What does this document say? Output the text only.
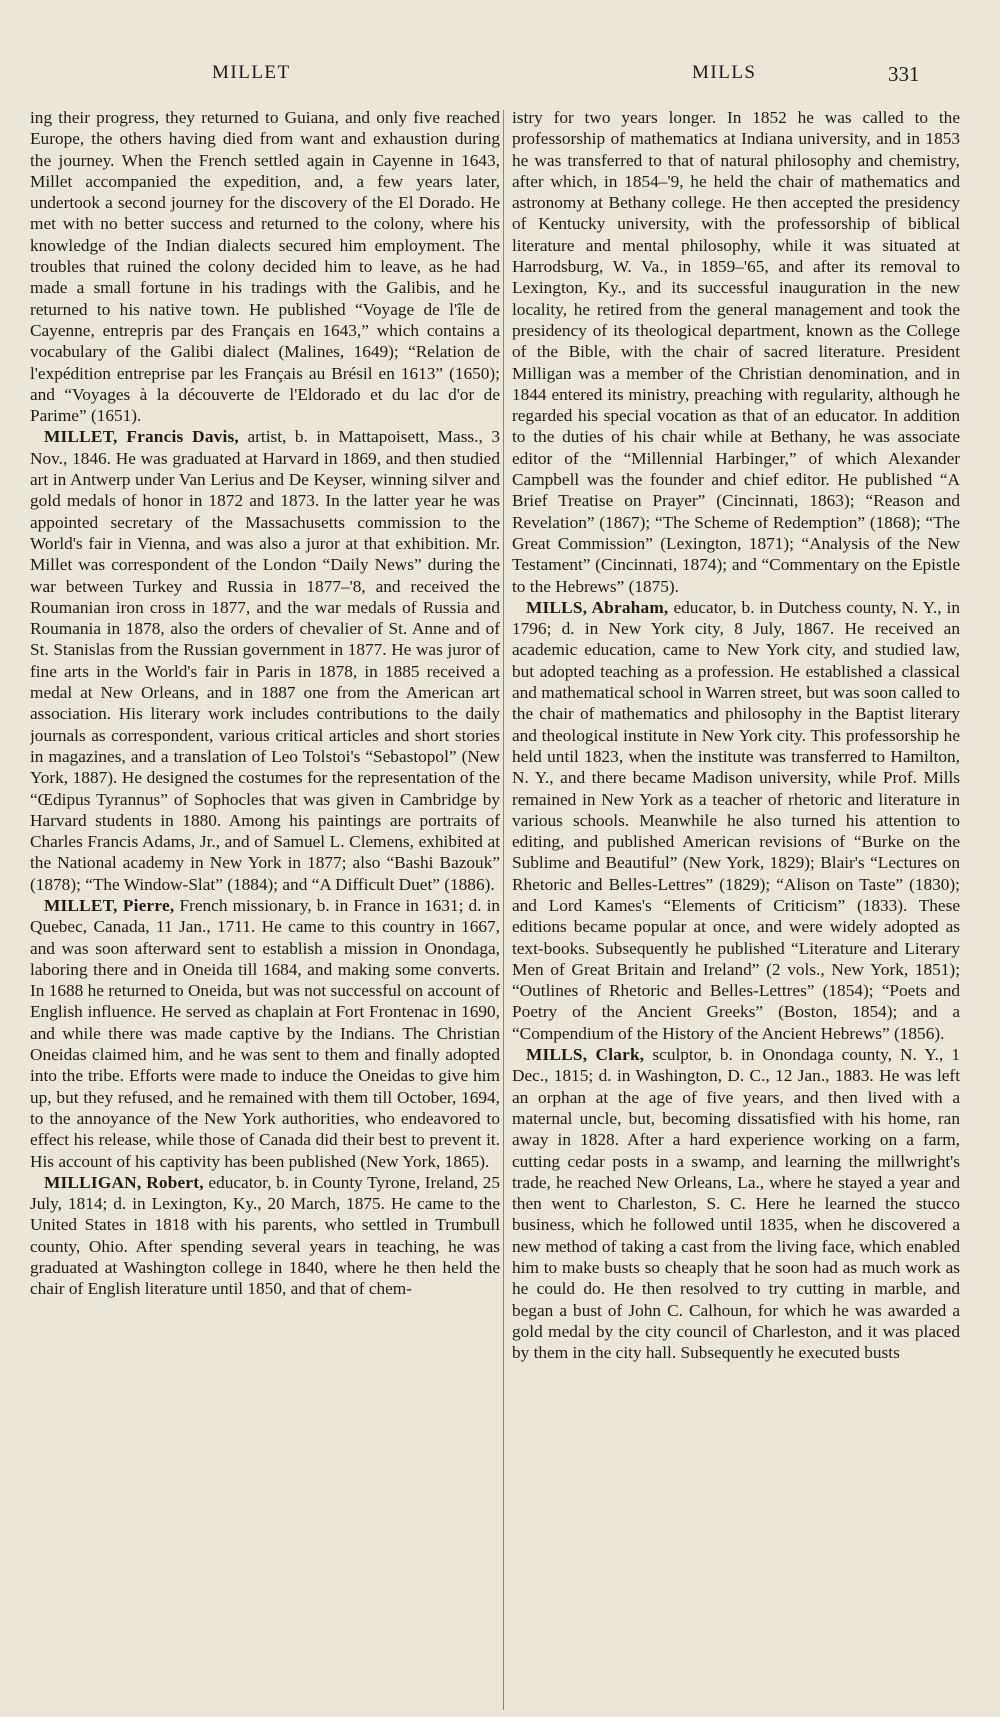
MILLET	MILLS	331

ing their progress, they returned to Guiana, and only five reached Europe, the others having died from want and exhaustion during the journey. When the French settled again in Cayenne in 1643, Millet accompanied the expedition, and, a few years later, undertook a second journey for the discovery of the El Dorado. He met with no better success and returned to the colony, where his knowledge of the Indian dialects secured him employment. The troubles that ruined the colony decided him to leave, as he had made a small fortune in his tradings with the Galibis, and he returned to his native town. He published “Voyage de l'île de Cayenne, entrepris par des Français en 1643,” which contains a vocabulary of the Galibi dialect (Malines, 1649); “Relation de l'expédition entreprise par les Français au Brésil en 1613” (1650); and “Voyages à la découverte de l'Eldorado et du lac d'or de Parime” (1651).

MILLET, Francis Davis, artist, b. in Mattapoisett, Mass., 3 Nov., 1846. He was graduated at Harvard in 1869, and then studied art in Antwerp under Van Lerius and De Keyser, winning silver and gold medals of honor in 1872 and 1873. In the latter year he was appointed secretary of the Massachusetts commission to the World's fair in Vienna, and was also a juror at that exhibition. Mr. Millet was correspondent of the London “Daily News” during the war between Turkey and Russia in 1877–'8, and received the Roumanian iron cross in 1877, and the war medals of Russia and Roumania in 1878, also the orders of chevalier of St. Anne and of St. Stanislas from the Russian government in 1877. He was juror of fine arts in the World's fair in Paris in 1878, in 1885 received a medal at New Orleans, and in 1887 one from the American art association. His literary work includes contributions to the daily journals as correspondent, various critical articles and short stories in magazines, and a translation of Leo Tolstoi's “Sebastopol” (New York, 1887). He designed the costumes for the representation of the “Œdipus Tyrannus” of Sophocles that was given in Cambridge by Harvard students in 1880. Among his paintings are portraits of Charles Francis Adams, Jr., and of Samuel L. Clemens, exhibited at the National academy in New York in 1877; also “Bashi Bazouk” (1878); “The Window-Slat” (1884); and “A Difficult Duet” (1886).

MILLET, Pierre, French missionary, b. in France in 1631; d. in Quebec, Canada, 11 Jan., 1711. He came to this country in 1667, and was soon afterward sent to establish a mission in Onondaga, laboring there and in Oneida till 1684, and making some converts. In 1688 he returned to Oneida, but was not successful on account of English influence. He served as chaplain at Fort Frontenac in 1690, and while there was made captive by the Indians. The Christian Oneidas claimed him, and he was sent to them and finally adopted into the tribe. Efforts were made to induce the Oneidas to give him up, but they refused, and he remained with them till October, 1694, to the annoyance of the New York authorities, who endeavored to effect his release, while those of Canada did their best to prevent it. His account of his captivity has been published (New York, 1865).

MILLIGAN, Robert, educator, b. in County Tyrone, Ireland, 25 July, 1814; d. in Lexington, Ky., 20 March, 1875. He came to the United States in 1818 with his parents, who settled in Trumbull county, Ohio. After spending several years in teaching, he was graduated at Washington college in 1840, where he then held the chair of English literature until 1850, and that of chem-

istry for two years longer. In 1852 he was called to the professorship of mathematics at Indiana university, and in 1853 he was transferred to that of natural philosophy and chemistry, after which, in 1854–'9, he held the chair of mathematics and astronomy at Bethany college. He then accepted the presidency of Kentucky university, with the professorship of biblical literature and mental philosophy, while it was situated at Harrodsburg, W. Va., in 1859–'65, and after its removal to Lexington, Ky., and its successful inauguration in the new locality, he retired from the general management and took the presidency of its theological department, known as the College of the Bible, with the chair of sacred literature. President Milligan was a member of the Christian denomination, and in 1844 entered its ministry, preaching with regularity, although he regarded his special vocation as that of an educator. In addition to the duties of his chair while at Bethany, he was associate editor of the “Millennial Harbinger,” of which Alexander Campbell was the founder and chief editor. He published “A Brief Treatise on Prayer” (Cincinnati, 1863); “Reason and Revelation” (1867); “The Scheme of Redemption” (1868); “The Great Commission” (Lexington, 1871); “Analysis of the New Testament” (Cincinnati, 1874); and “Commentary on the Epistle to the Hebrews” (1875).

MILLS, Abraham, educator, b. in Dutchess county, N. Y., in 1796; d. in New York city, 8 July, 1867. He received an academic education, came to New York city, and studied law, but adopted teaching as a profession. He established a classical and mathematical school in Warren street, but was soon called to the chair of mathematics and philosophy in the Baptist literary and theological institute in New York city. This professorship he held until 1823, when the institute was transferred to Hamilton, N. Y., and there became Madison university, while Prof. Mills remained in New York as a teacher of rhetoric and literature in various schools. Meanwhile he also turned his attention to editing, and published American revisions of “Burke on the Sublime and Beautiful” (New York, 1829); Blair's “Lectures on Rhetoric and Belles-Lettres” (1829); “Alison on Taste” (1830); and Lord Kames's “Elements of Criticism” (1833). These editions became popular at once, and were widely adopted as text-books. Subsequently he published “Literature and Literary Men of Great Britain and Ireland” (2 vols., New York, 1851); “Outlines of Rhetoric and Belles-Lettres” (1854); “Poets and Poetry of the Ancient Greeks” (Boston, 1854); and a “Compendium of the History of the Ancient Hebrews” (1856).

MILLS, Clark, sculptor, b. in Onondaga county, N. Y., 1 Dec., 1815; d. in Washington, D. C., 12 Jan., 1883. He was left an orphan at the age of five years, and then lived with a maternal uncle, but, becoming dissatisfied with his home, ran away in 1828. After a hard experience working on a farm, cutting cedar posts in a swamp, and learning the millwright's trade, he reached New Orleans, La., where he stayed a year and then went to Charleston, S. C. Here he learned the stucco business, which he followed until 1835, when he discovered a new method of taking a cast from the living face, which enabled him to make busts so cheaply that he soon had as much work as he could do. He then resolved to try cutting in marble, and began a bust of John C. Calhoun, for which he was awarded a gold medal by the city council of Charleston, and it was placed by them in the city hall. Subsequently he executed busts
